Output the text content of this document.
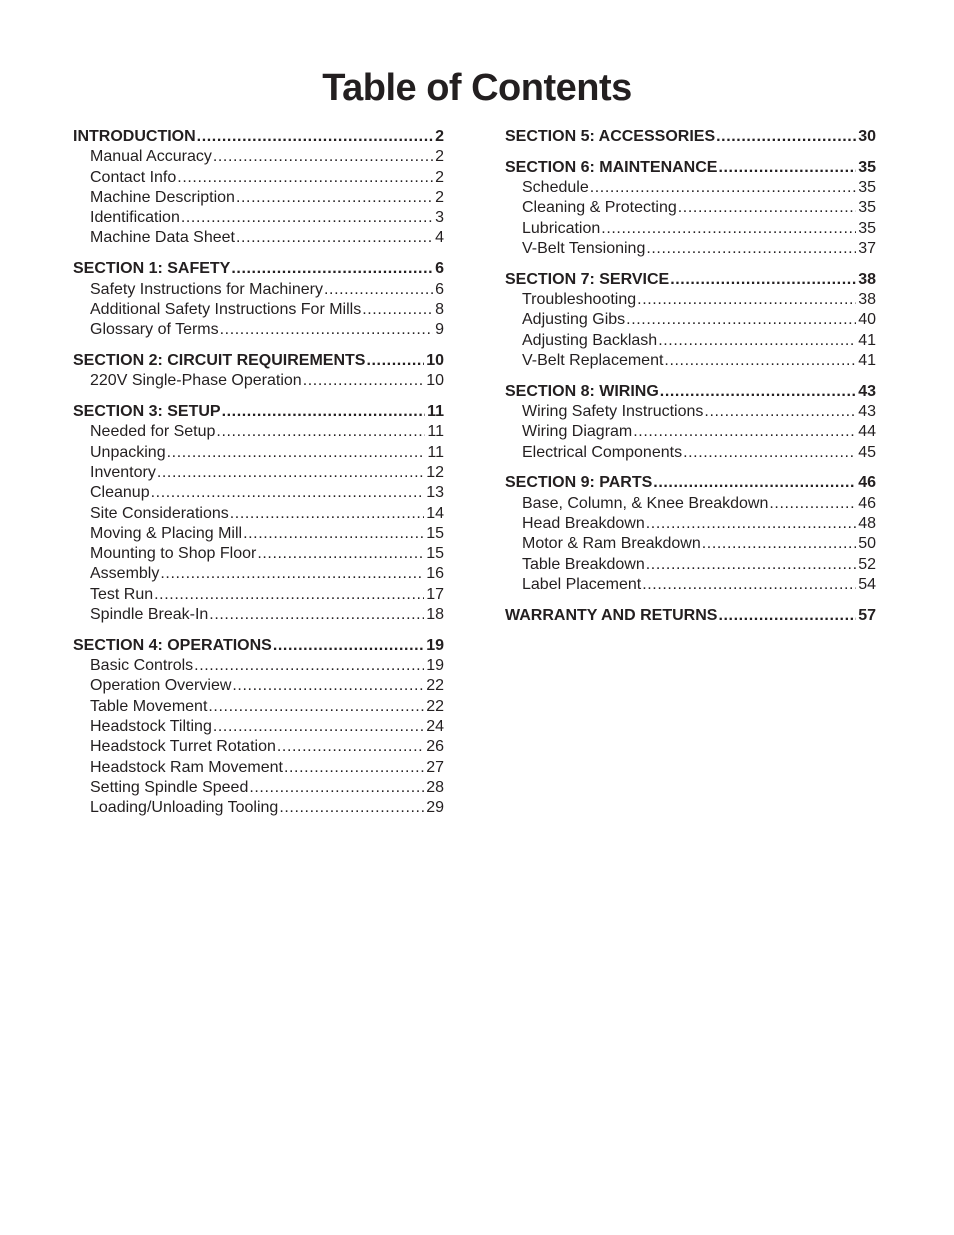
Table of Contents
INTRODUCTION .....	2
Manual Accuracy .....	2
Contact Info .....	2
Machine Description .....	2
Identification .....	3
Machine Data Sheet .....	4
SECTION 1: SAFETY .....	6
Safety Instructions for Machinery .....	6
Additional Safety Instructions For Mills .....	8
Glossary of Terms .....	9
SECTION 2: CIRCUIT REQUIREMENTS .....	10
220V Single-Phase Operation .....	10
SECTION 3: SETUP .....	11
Needed for Setup .....	11
Unpacking .....	11
Inventory .....	12
Cleanup .....	13
Site Considerations .....	14
Moving & Placing Mill .....	15
Mounting to Shop Floor .....	15
Assembly .....	16
Test Run .....	17
Spindle Break-In .....	18
SECTION 4: OPERATIONS .....	19
Basic Controls .....	19
Operation Overview .....	22
Table Movement .....	22
Headstock Tilting .....	24
Headstock Turret Rotation .....	26
Headstock Ram Movement .....	27
Setting Spindle Speed .....	28
Loading/Unloading Tooling .....	29
SECTION 5: ACCESSORIES .....	30
SECTION 6: MAINTENANCE .....	35
Schedule .....	35
Cleaning & Protecting .....	35
Lubrication .....	35
V-Belt Tensioning .....	37
SECTION 7: SERVICE .....	38
Troubleshooting .....	38
Adjusting Gibs .....	40
Adjusting Backlash .....	41
V-Belt Replacement .....	41
SECTION 8: WIRING .....	43
Wiring Safety Instructions .....	43
Wiring Diagram .....	44
Electrical Components .....	45
SECTION 9: PARTS .....	46
Base, Column, & Knee Breakdown .....	46
Head Breakdown .....	48
Motor & Ram Breakdown .....	50
Table Breakdown .....	52
Label Placement .....	54
WARRANTY AND RETURNS .....	57
